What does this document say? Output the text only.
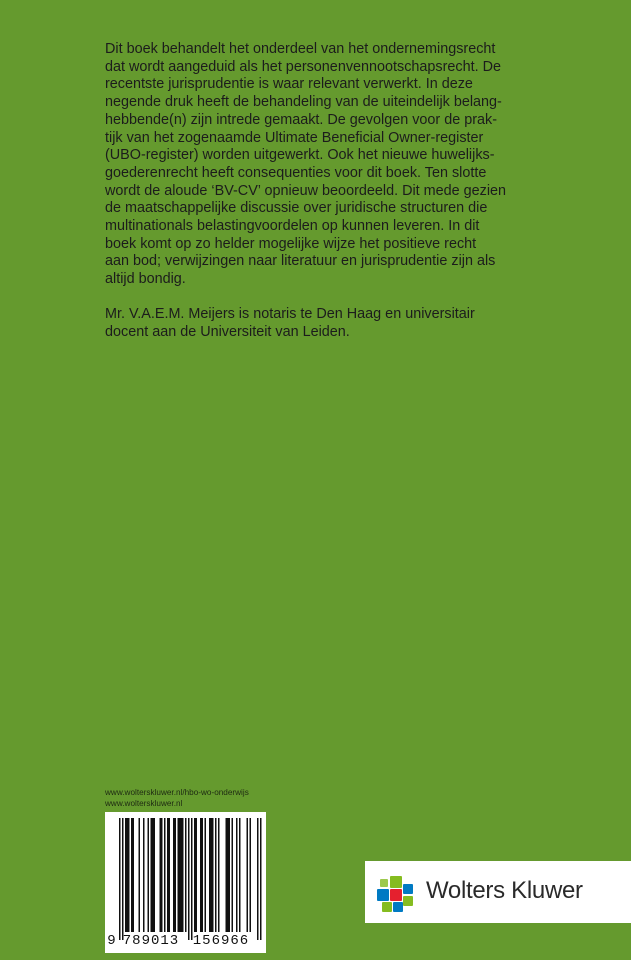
Dit boek behandelt het onderdeel van het ondernemingsrecht

dat wordt aangeduid als het personenvennootschapsrecht. De

recentste jurisprudentie is waar relevant verwerkt. In deze

negende druk heeft de behandeling van de uiteindelijk belang-

hebbende(n) zijn intrede gemaakt. De gevolgen voor de prak-

tijk van het zogenaamde Ultimate Beneficial Owner-register

(UBO-register) worden uitgewerkt. Ook het nieuwe huwelijks-

goederenrecht heeft consequenties voor dit boek. Ten slotte

wordt de aloude ‘BV-CV’ opnieuw beoordeeld. Dit mede gezien

de maatschappelijke discussie over juridische structuren die

multinationals belastingvoordelen op kunnen leveren. In dit

boek komt op zo helder mogelijke wijze het positieve recht

aan bod; verwijzingen naar literatuur en jurisprudentie zijn als

altijd bondig.

Mr. V.A.E.M. Meijers is notaris te Den Haag en universitair

docent aan de Universiteit van Leiden.

www.wolterskluwer.nl/hbo-wo-onderwijs
www.wolterskluwer.nl
9 789013 156966
Wolters Kluwer
